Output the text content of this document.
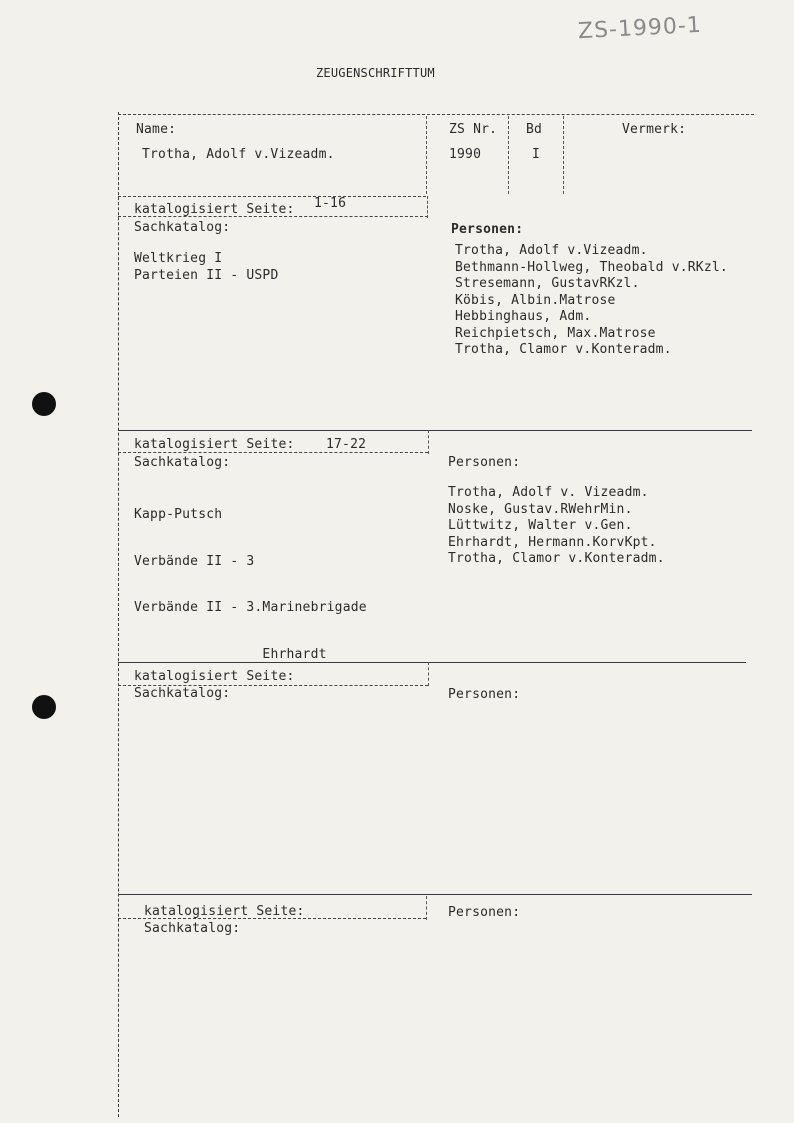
ZS-1990-1
ZEUGENSCHRIFTTUM
Name:
Trotha, Adolf v.Vizeadm.
ZS Nr.
1990
Bd
I
Vermerk:
katalogisiert Seite: 1-16
Sachkatalog:
Weltkrieg I
Parteien II - USPD
Personen:
Trotha, Adolf v.Vizeadm.
Bethmann-Hollweg, Theobald v.RKzl.
Stresemann, GustavRKzl.
Köbis, Albin.Matrose
Hebbinghaus, Adm.
Reichpietsch, Max.Matrose
Trotha, Clamor v.Konteradm.
katalogisiert Seite: 17-22
Sachkatalog:

Kapp-Putsch

Verbände II - 3

Verbände II - 3.Marinebrigade

Ehrhardt

Personen:
Trotha, Adolf v. Vizeadm.
Noske, Gustav.RWehrMin.
Lüttwitz, Walter v.Gen.
Ehrhardt, Hermann.KorvKpt.
Trotha, Clamor v.Konteradm.
katalogisiert Seite:
Sachkatalog:	Personen:
katalogisiert Seite:
Sachkatalog:
Personen:
